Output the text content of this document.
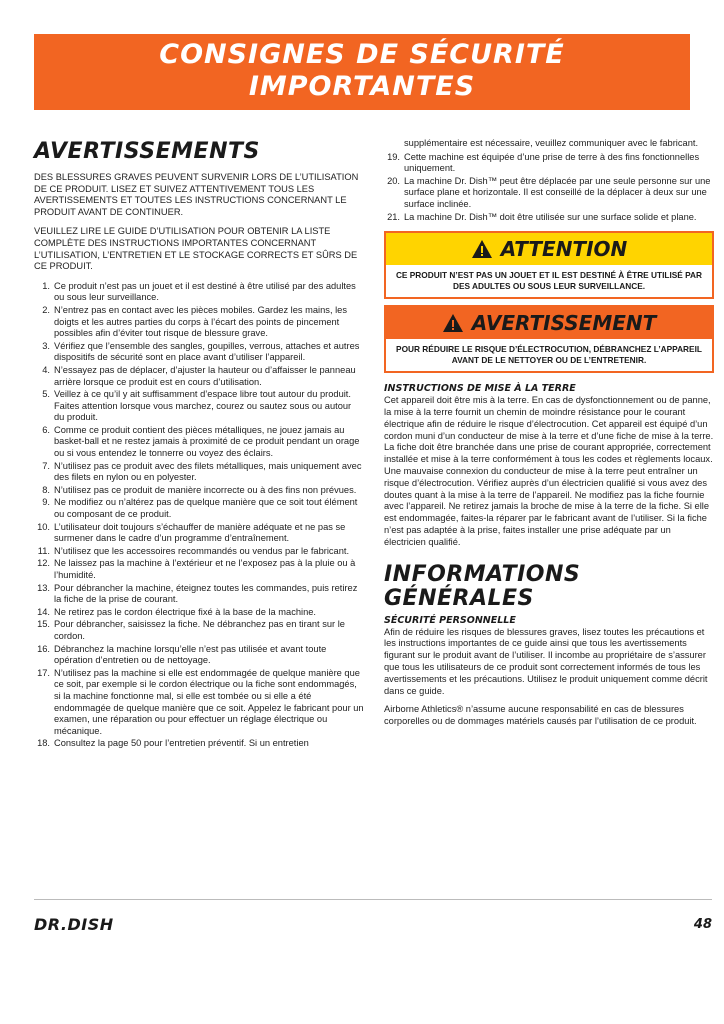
CONSIGNES DE SÉCURITÉ
IMPORTANTES
AVERTISSEMENTS

DES BLESSURES GRAVES PEUVENT SURVENIR LORS DE L’UTILISATION DE CE PRODUIT. LISEZ ET SUIVEZ ATTENTIVEMENT TOUS LES AVERTISSEMENTS ET TOUTES LES INSTRUCTIONS CONCERNANT LE PRODUIT AVANT DE CONTINUER.

VEUILLEZ LIRE LE GUIDE D’UTILISATION POUR OBTENIR LA LISTE COMPLÈTE DES INSTRUCTIONS IMPORTANTES CONCERNANT L’UTILISATION, L’ENTRETIEN ET LE STOCKAGE CORRECTS ET SÛRS DE CE PRODUIT.

1. Ce produit n’est pas un jouet et il est destiné à être utilisé par des adultes ou sous leur surveillance.
2. N’entrez pas en contact avec les pièces mobiles. Gardez les mains, les doigts et les autres parties du corps à l’écart des points de pincement possibles afin d’éviter tout risque de blessure grave.
3. Vérifiez que l’ensemble des sangles, goupilles, verrous, attaches et autres dispositifs de sécurité sont en place avant d’utiliser l’appareil.
4. N’essayez pas de déplacer, d’ajuster la hauteur ou d’affaisser le panneau arrière lorsque ce produit est en cours d’utilisation.
5. Veillez à ce qu’il y ait suffisamment d’espace libre tout autour du produit. Faites attention lorsque vous marchez, courez ou sautez sous ou autour du produit.
6. Comme ce produit contient des pièces métalliques, ne jouez jamais au basket-ball et ne restez jamais à proximité de ce produit pendant un orage ou si vous entendez le tonnerre ou voyez des éclairs.
7. N’utilisez pas ce produit avec des filets métalliques, mais uniquement avec des filets en nylon ou en polyester.
8. N’utilisez pas ce produit de manière incorrecte ou à des fins non prévues.
9. Ne modifiez ou n’altérez pas de quelque manière que ce soit tout élément ou composant de ce produit.
10. L’utilisateur doit toujours s’échauffer de manière adéquate et ne pas se surmener dans le cadre d’un programme d’entraînement.
11. N’utilisez que les accessoires recommandés ou vendus par le fabricant.
12. Ne laissez pas la machine à l’extérieur et ne l’exposez pas à la pluie ou à l’humidité.
13. Pour débrancher la machine, éteignez toutes les commandes, puis retirez la fiche de la prise de courant.
14. Ne retirez pas le cordon électrique fixé à la base de la machine.
15. Pour débrancher, saisissez la fiche. Ne débranchez pas en tirant sur le cordon.
16. Débranchez la machine lorsqu’elle n’est pas utilisée et avant toute opération d’entretien ou de nettoyage.
17. N’utilisez pas la machine si elle est endommagée de quelque manière que ce soit, par exemple si le cordon électrique ou la fiche sont endommagés, si la machine fonctionne mal, si elle est tombée ou si elle a été endommagée de quelque manière que ce soit. Appelez le fabricant pour un examen, une réparation ou pour effectuer un réglage électrique ou mécanique.
18. Consultez la page 50 pour l’entretien préventif. Si un entretien
supplémentaire est nécessaire, veuillez communiquer avec le fabricant.
19. Cette machine est équipée d’une prise de terre à des fins fonctionnelles uniquement.
20. La machine Dr. Dish™ peut être déplacée par une seule personne sur une surface plane et horizontale. Il est conseillé de la déplacer à deux sur une surface inclinée.
21. La machine Dr. Dish™ doit être utilisée sur une surface solide et plane.
ATTENTION
CE PRODUIT N’EST PAS UN JOUET ET IL EST DESTINÉ À ÊTRE UTILISÉ PAR DES ADULTES OU SOUS LEUR SURVEILLANCE.
AVERTISSEMENT
POUR RÉDUIRE LE RISQUE D’ÉLECTROCUTION, DÉBRANCHEZ L’APPAREIL AVANT DE LE NETTOYER OU DE L’ENTRETENIR.
INSTRUCTIONS DE MISE À LA TERRE

Cet appareil doit être mis à la terre. En cas de dysfonctionnement ou de panne, la mise à la terre fournit un chemin de moindre résistance pour le courant électrique afin de réduire le risque d’électrocution. Cet appareil est équipé d’un cordon muni d’un conducteur de mise à la terre et d’une fiche de mise à la terre. La fiche doit être branchée dans une prise de courant appropriée, correctement installée et mise à la terre conformément à tous les codes et règlements locaux. Une mauvaise connexion du conducteur de mise à la terre peut entraîner un risque d’électrocution. Vérifiez auprès d’un électricien qualifié si vous avez des doutes quant à la mise à la terre de l’appareil. Ne modifiez pas la fiche fournie avec l’appareil. Ne retirez jamais la broche de mise à la terre de la fiche. Si elle est endommagée, faites-la réparer par le fabricant avant de l’utiliser. Si la fiche n’est pas adaptée à la prise, faites installer une prise adéquate par un électricien qualifié.

INFORMATIONS
GÉNÉRALES
SÉCURITÉ PERSONNELLE

Afin de réduire les risques de blessures graves, lisez toutes les précautions et les instructions importantes de ce guide ainsi que tous les avertissements figurant sur le produit avant de l’utiliser. Il incombe au propriétaire de s’assurer que tous les utilisateurs de ce produit sont correctement informés de tous les avertissements et les précautions. Utilisez le produit uniquement comme décrit dans ce guide.

Airborne Athletics® n’assume aucune responsabilité en cas de blessures corporelles ou de dommages matériels causés par l’utilisation de ce produit.

DR.DISH	48
